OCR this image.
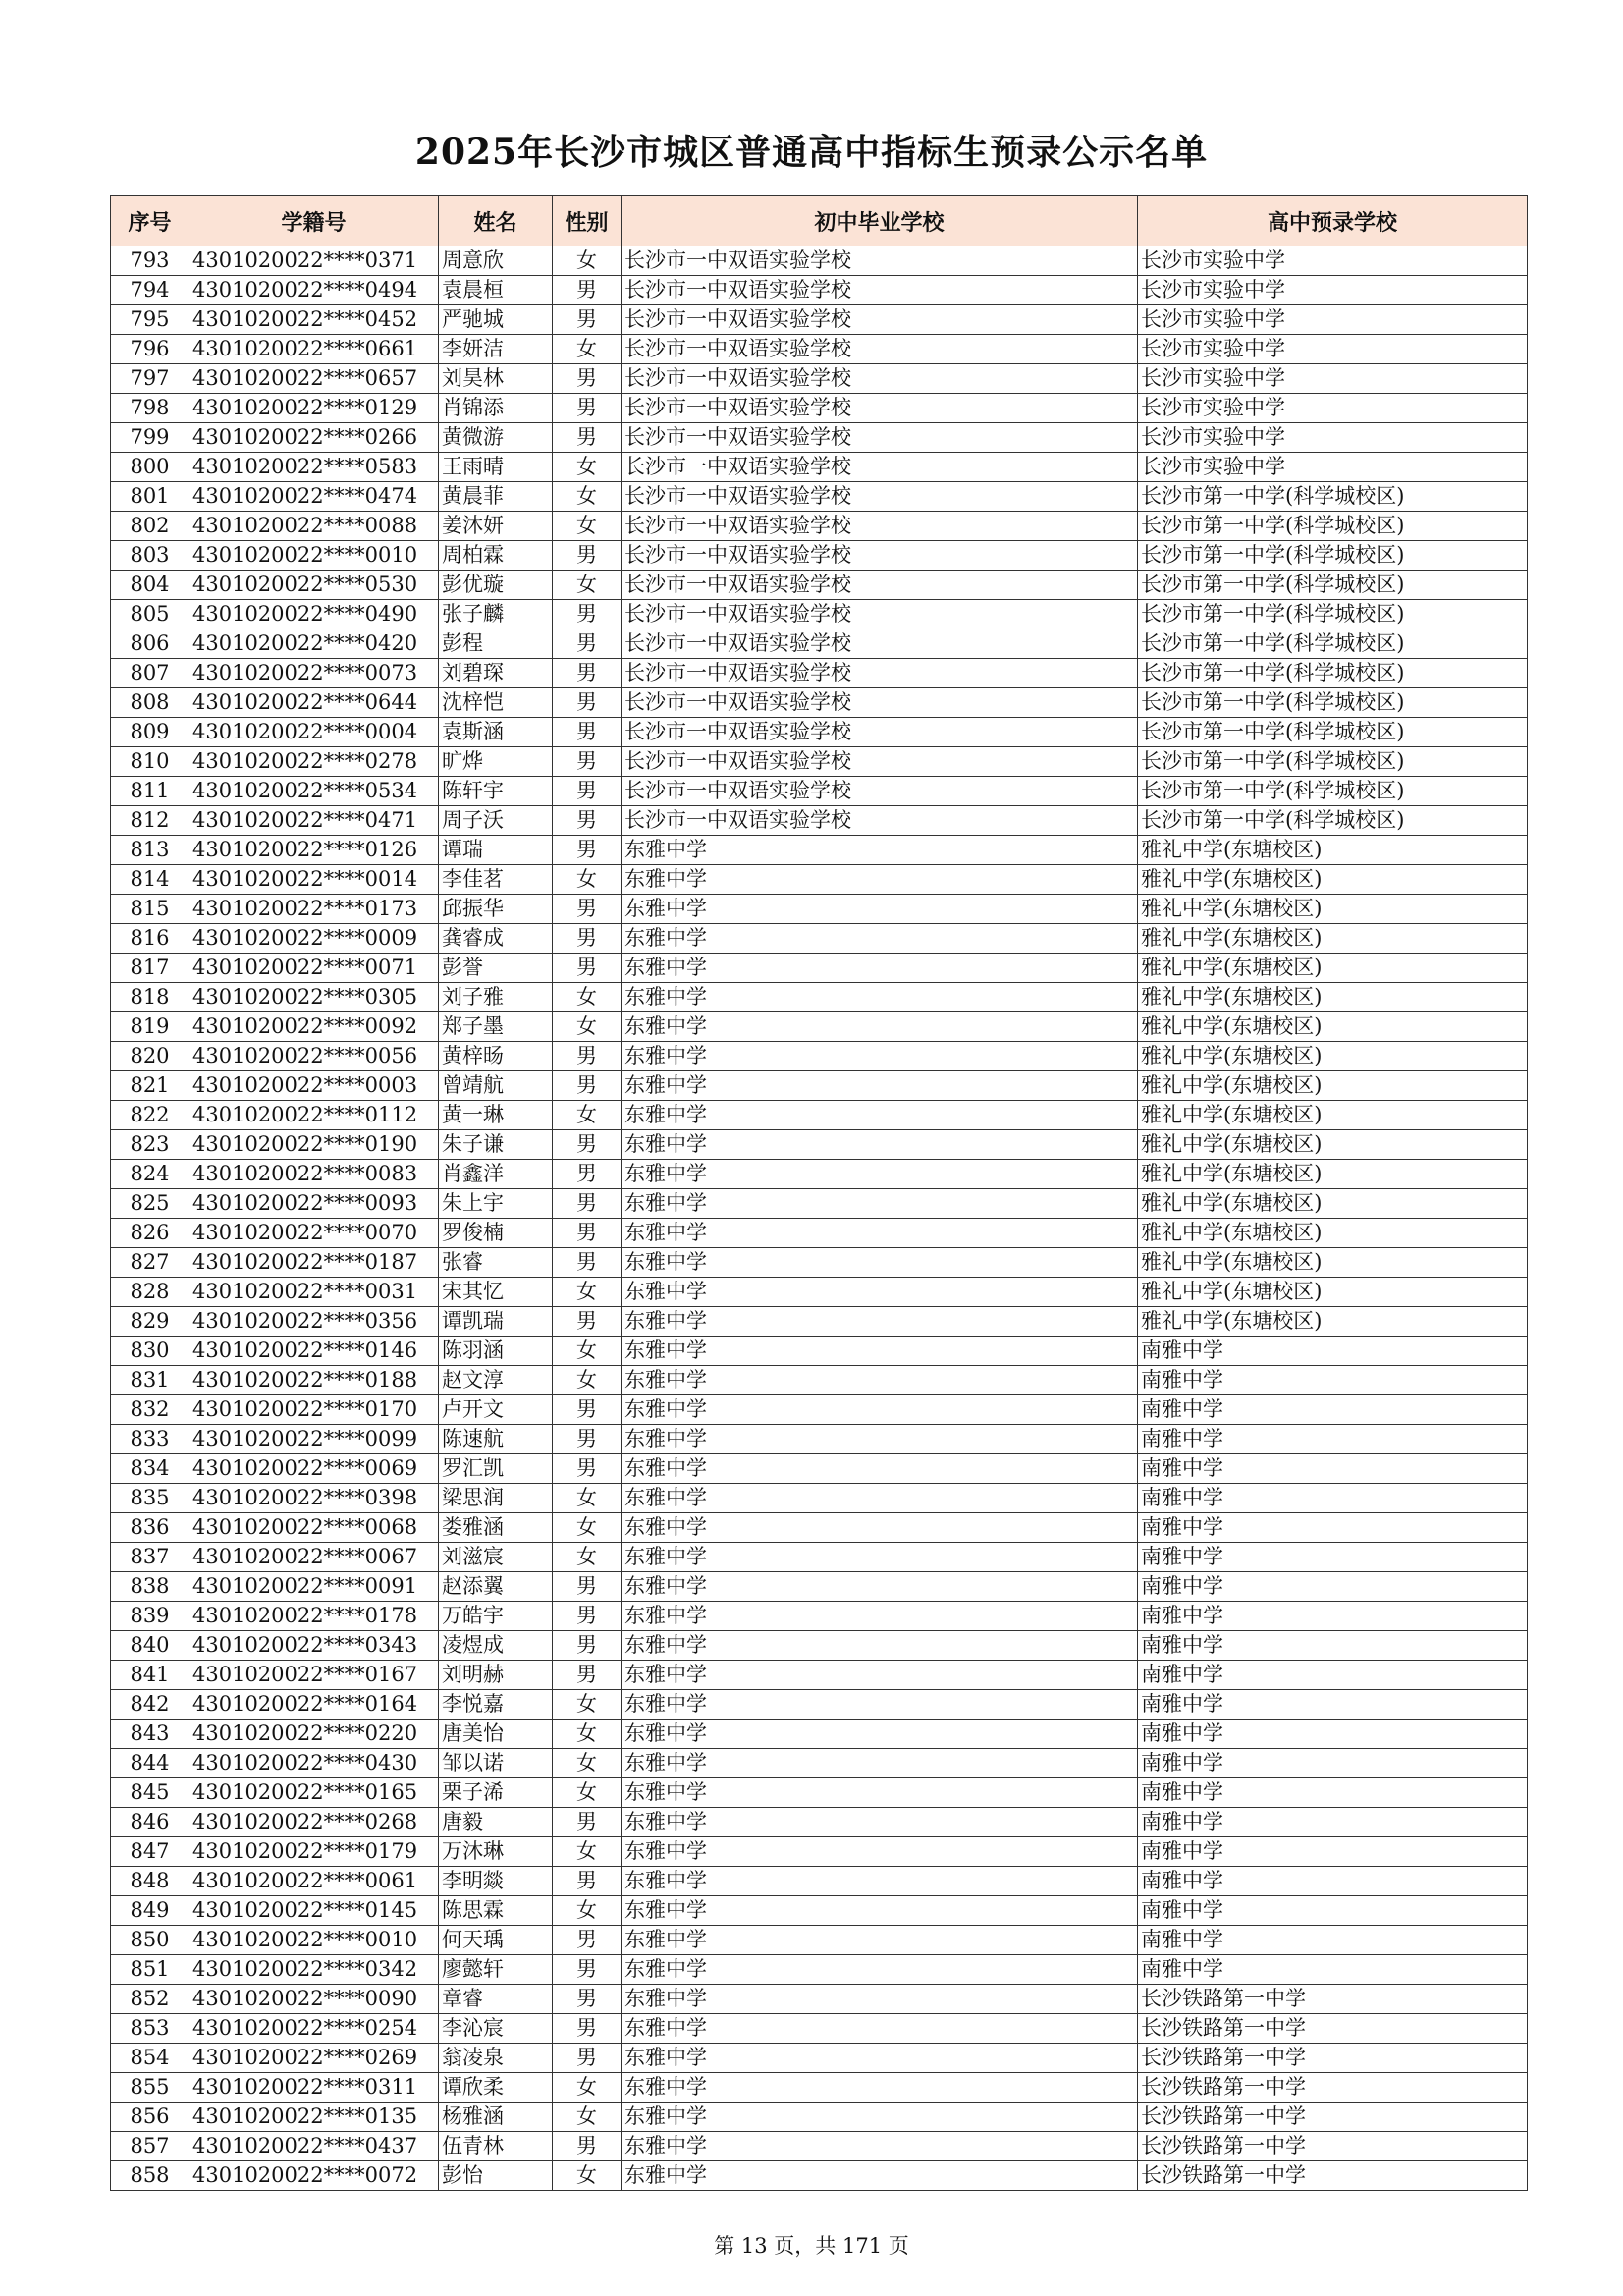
2025年长沙市城区普通高中指标生预录公示名单
序号	学籍号	姓名	性别	初中毕业学校	高中预录学校
793	4301020022****0371	周意欣	女	长沙市一中双语实验学校	长沙市实验中学
794	4301020022****0494	袁晨桓	男	长沙市一中双语实验学校	长沙市实验中学
795	4301020022****0452	严驰城	男	长沙市一中双语实验学校	长沙市实验中学
796	4301020022****0661	李妍洁	女	长沙市一中双语实验学校	长沙市实验中学
797	4301020022****0657	刘昊林	男	长沙市一中双语实验学校	长沙市实验中学
798	4301020022****0129	肖锦添	男	长沙市一中双语实验学校	长沙市实验中学
799	4301020022****0266	黄微游	男	长沙市一中双语实验学校	长沙市实验中学
800	4301020022****0583	王雨晴	女	长沙市一中双语实验学校	长沙市实验中学
801	4301020022****0474	黄晨菲	女	长沙市一中双语实验学校	长沙市第一中学(科学城校区)
802	4301020022****0088	姜沐妍	女	长沙市一中双语实验学校	长沙市第一中学(科学城校区)
803	4301020022****0010	周柏霖	男	长沙市一中双语实验学校	长沙市第一中学(科学城校区)
804	4301020022****0530	彭优璇	女	长沙市一中双语实验学校	长沙市第一中学(科学城校区)
805	4301020022****0490	张子麟	男	长沙市一中双语实验学校	长沙市第一中学(科学城校区)
806	4301020022****0420	彭程	男	长沙市一中双语实验学校	长沙市第一中学(科学城校区)
807	4301020022****0073	刘碧琛	男	长沙市一中双语实验学校	长沙市第一中学(科学城校区)
808	4301020022****0644	沈梓恺	男	长沙市一中双语实验学校	长沙市第一中学(科学城校区)
809	4301020022****0004	袁斯涵	男	长沙市一中双语实验学校	长沙市第一中学(科学城校区)
810	4301020022****0278	旷烨	男	长沙市一中双语实验学校	长沙市第一中学(科学城校区)
811	4301020022****0534	陈轩宇	男	长沙市一中双语实验学校	长沙市第一中学(科学城校区)
812	4301020022****0471	周子沃	男	长沙市一中双语实验学校	长沙市第一中学(科学城校区)
813	4301020022****0126	谭瑞	男	东雅中学	雅礼中学(东塘校区)
814	4301020022****0014	李佳茗	女	东雅中学	雅礼中学(东塘校区)
815	4301020022****0173	邱振华	男	东雅中学	雅礼中学(东塘校区)
816	4301020022****0009	龚睿成	男	东雅中学	雅礼中学(东塘校区)
817	4301020022****0071	彭誉	男	东雅中学	雅礼中学(东塘校区)
818	4301020022****0305	刘子雅	女	东雅中学	雅礼中学(东塘校区)
819	4301020022****0092	郑子墨	女	东雅中学	雅礼中学(东塘校区)
820	4301020022****0056	黄梓旸	男	东雅中学	雅礼中学(东塘校区)
821	4301020022****0003	曾靖航	男	东雅中学	雅礼中学(东塘校区)
822	4301020022****0112	黄一琳	女	东雅中学	雅礼中学(东塘校区)
823	4301020022****0190	朱子谦	男	东雅中学	雅礼中学(东塘校区)
824	4301020022****0083	肖鑫洋	男	东雅中学	雅礼中学(东塘校区)
825	4301020022****0093	朱上宇	男	东雅中学	雅礼中学(东塘校区)
826	4301020022****0070	罗俊楠	男	东雅中学	雅礼中学(东塘校区)
827	4301020022****0187	张睿	男	东雅中学	雅礼中学(东塘校区)
828	4301020022****0031	宋其忆	女	东雅中学	雅礼中学(东塘校区)
829	4301020022****0356	谭凯瑞	男	东雅中学	雅礼中学(东塘校区)
830	4301020022****0146	陈羽涵	女	东雅中学	南雅中学
831	4301020022****0188	赵文淳	女	东雅中学	南雅中学
832	4301020022****0170	卢开文	男	东雅中学	南雅中学
833	4301020022****0099	陈速航	男	东雅中学	南雅中学
834	4301020022****0069	罗汇凯	男	东雅中学	南雅中学
835	4301020022****0398	梁思润	女	东雅中学	南雅中学
836	4301020022****0068	娄雅涵	女	东雅中学	南雅中学
837	4301020022****0067	刘滋宸	女	东雅中学	南雅中学
838	4301020022****0091	赵添翼	男	东雅中学	南雅中学
839	4301020022****0178	万皓宇	男	东雅中学	南雅中学
840	4301020022****0343	凌煜成	男	东雅中学	南雅中学
841	4301020022****0167	刘明赫	男	东雅中学	南雅中学
842	4301020022****0164	李悦嘉	女	东雅中学	南雅中学
843	4301020022****0220	唐美怡	女	东雅中学	南雅中学
844	4301020022****0430	邹以诺	女	东雅中学	南雅中学
845	4301020022****0165	栗子浠	女	东雅中学	南雅中学
846	4301020022****0268	唐毅	男	东雅中学	南雅中学
847	4301020022****0179	万沐琳	女	东雅中学	南雅中学
848	4301020022****0061	李明燚	男	东雅中学	南雅中学
849	4301020022****0145	陈思霖	女	东雅中学	南雅中学
850	4301020022****0010	何天瑀	男	东雅中学	南雅中学
851	4301020022****0342	廖懿轩	男	东雅中学	南雅中学
852	4301020022****0090	章睿	男	东雅中学	长沙铁路第一中学
853	4301020022****0254	李沁宸	男	东雅中学	长沙铁路第一中学
854	4301020022****0269	翁凌泉	男	东雅中学	长沙铁路第一中学
855	4301020022****0311	谭欣柔	女	东雅中学	长沙铁路第一中学
856	4301020022****0135	杨雅涵	女	东雅中学	长沙铁路第一中学
857	4301020022****0437	伍青林	男	东雅中学	长沙铁路第一中学
858	4301020022****0072	彭怡	女	东雅中学	长沙铁路第一中学
第 13 页，共 171 页
